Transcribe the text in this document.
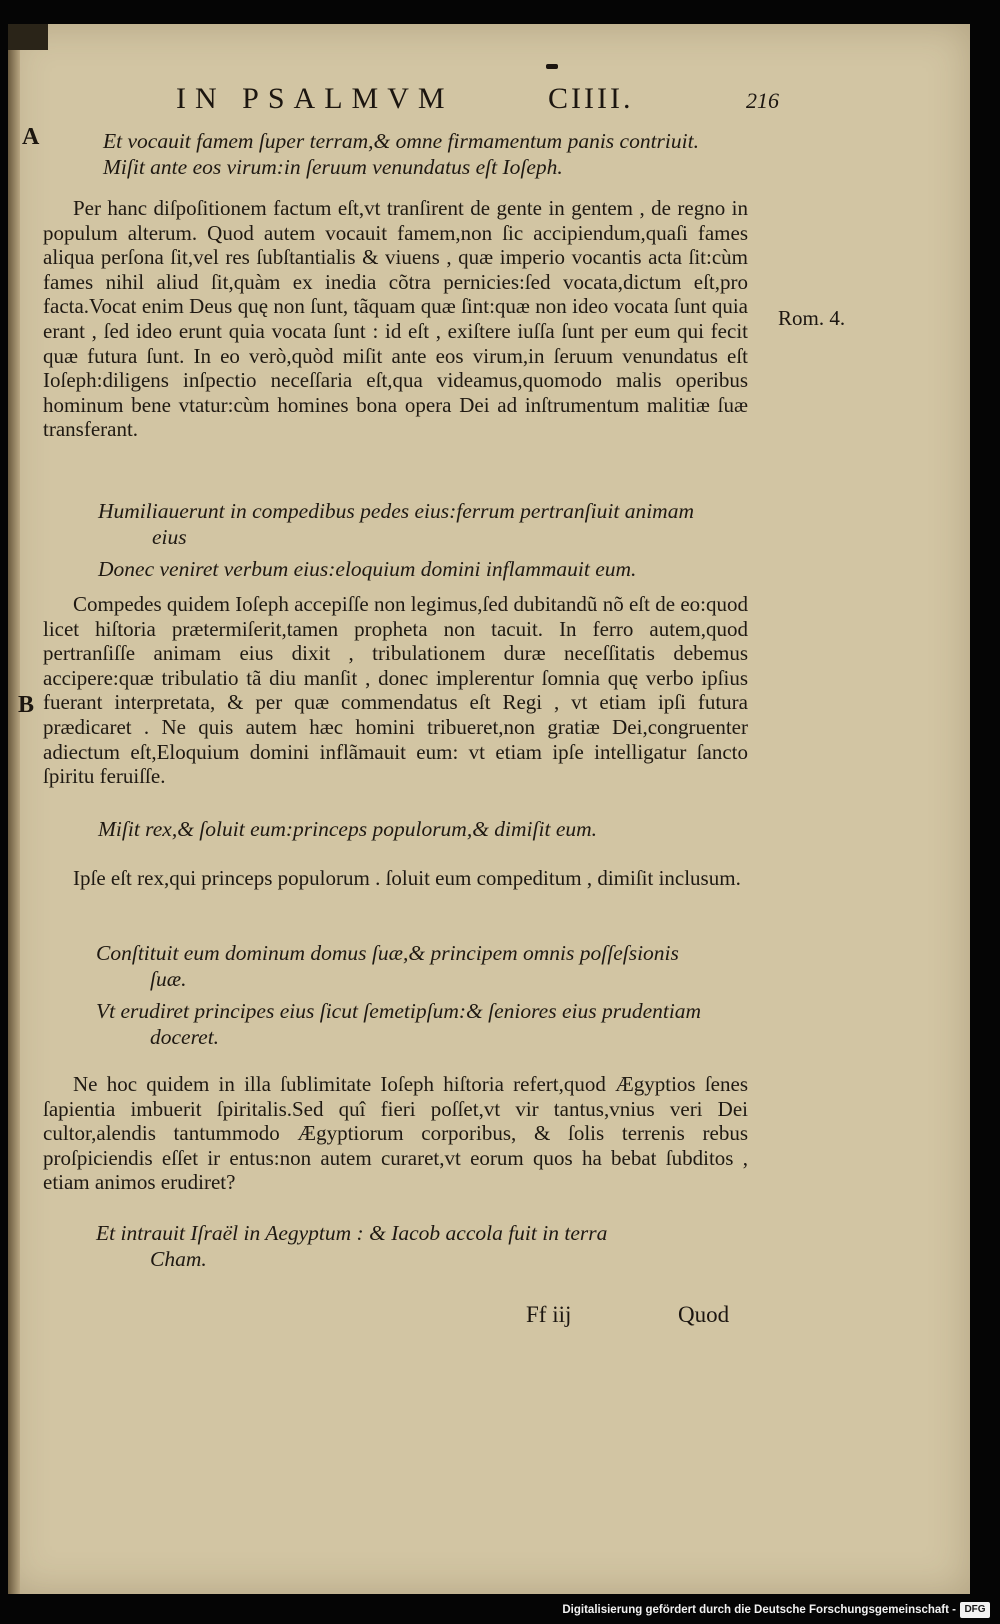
IN PSALMVM	CIIII.	216
A
B
Rom. 4.
Et vocauit famem ſuper terram,& omne firmamentum panis contriuit.
Miſit ante eos virum:in ſeruum venundatus eſt Ioſeph.
Per hanc diſpoſitionem factum eſt,vt tranſirent de gente in gentem , de regno in populum alterum. Quod autem vocauit famem,non ſic accipiendum,quaſi fames aliqua perſona ſit,vel res ſubſtantialis & viuens , quæ imperio vocantis acta ſit:cùm fames nihil aliud ſit,quàm ex inedia cõtra pernicies:ſed vocata,dictum eſt,pro facta.Vocat enim Deus quę non ſunt, tãquam quæ ſint:quæ non ideo vocata ſunt quia erant , ſed ideo erunt quia vocata ſunt : id eſt , exiſtere iuſſa ſunt per eum qui fecit quæ futura ſunt. In eo verò,quòd miſit ante eos virum,in ſeruum venundatus eſt Ioſeph:diligens inſpectio neceſſaria eſt,qua videamus,quomodo malis operibus hominum bene vtatur:cùm homines bona opera Dei ad inſtrumentum malitiæ ſuæ transferant.
Humiliauerunt in compedibus pedes eius:ferrum pertranſiuit animam
eius
Donec veniret verbum eius:eloquium domini inflammauit eum.
Compedes quidem Ioſeph accepiſſe non legimus,ſed dubitandũ nõ eſt de eo:quod licet hiſtoria prætermiſerit,tamen propheta non tacuit. In ferro autem,quod pertranſiſſe animam eius dixit , tribulationem duræ neceſſitatis debemus accipere:quæ tribulatio tã diu manſit , donec implerentur ſomnia quę verbo ipſius fuerant interpretata, & per quæ commendatus eſt Regi , vt etiam ipſi futura prædicaret . Ne quis autem hæc homini tribueret,non gratiæ Dei,congruenter adiectum eſt,Eloquium domini inflãmauit eum: vt etiam ipſe intelligatur ſancto ſpiritu feruiſſe.
Miſit rex,& ſoluit eum:princeps populorum,& dimiſit eum.
Ipſe eſt rex,qui princeps populorum . ſoluit eum compeditum , dimiſit inclusum.
Conſtituit eum dominum domus ſuæ,& principem omnis poſſeſsionis
ſuæ.
Vt erudiret principes eius ſicut ſemetipſum:& ſeniores eius prudentiam
doceret.
Ne hoc quidem in illa ſublimitate Ioſeph hiſtoria refert,quod Ægyptios ſenes ſapientia imbuerit ſpiritalis.Sed quî fieri poſſet,vt vir tantus,vnius veri Dei cultor,alendis tantummodo Ægyptiorum corporibus, & ſolis terrenis rebus proſpiciendis eſſet ir entus:non autem curaret,vt eorum quos ha bebat ſubditos , etiam animos erudiret?
Et intrauit Iſraël in Aegyptum : & Iacob accola fuit in terra
Cham.
Ff iij	Quod
Digitalisierung gefördert durch die Deutsche Forschungsgemeinschaft - DFG
